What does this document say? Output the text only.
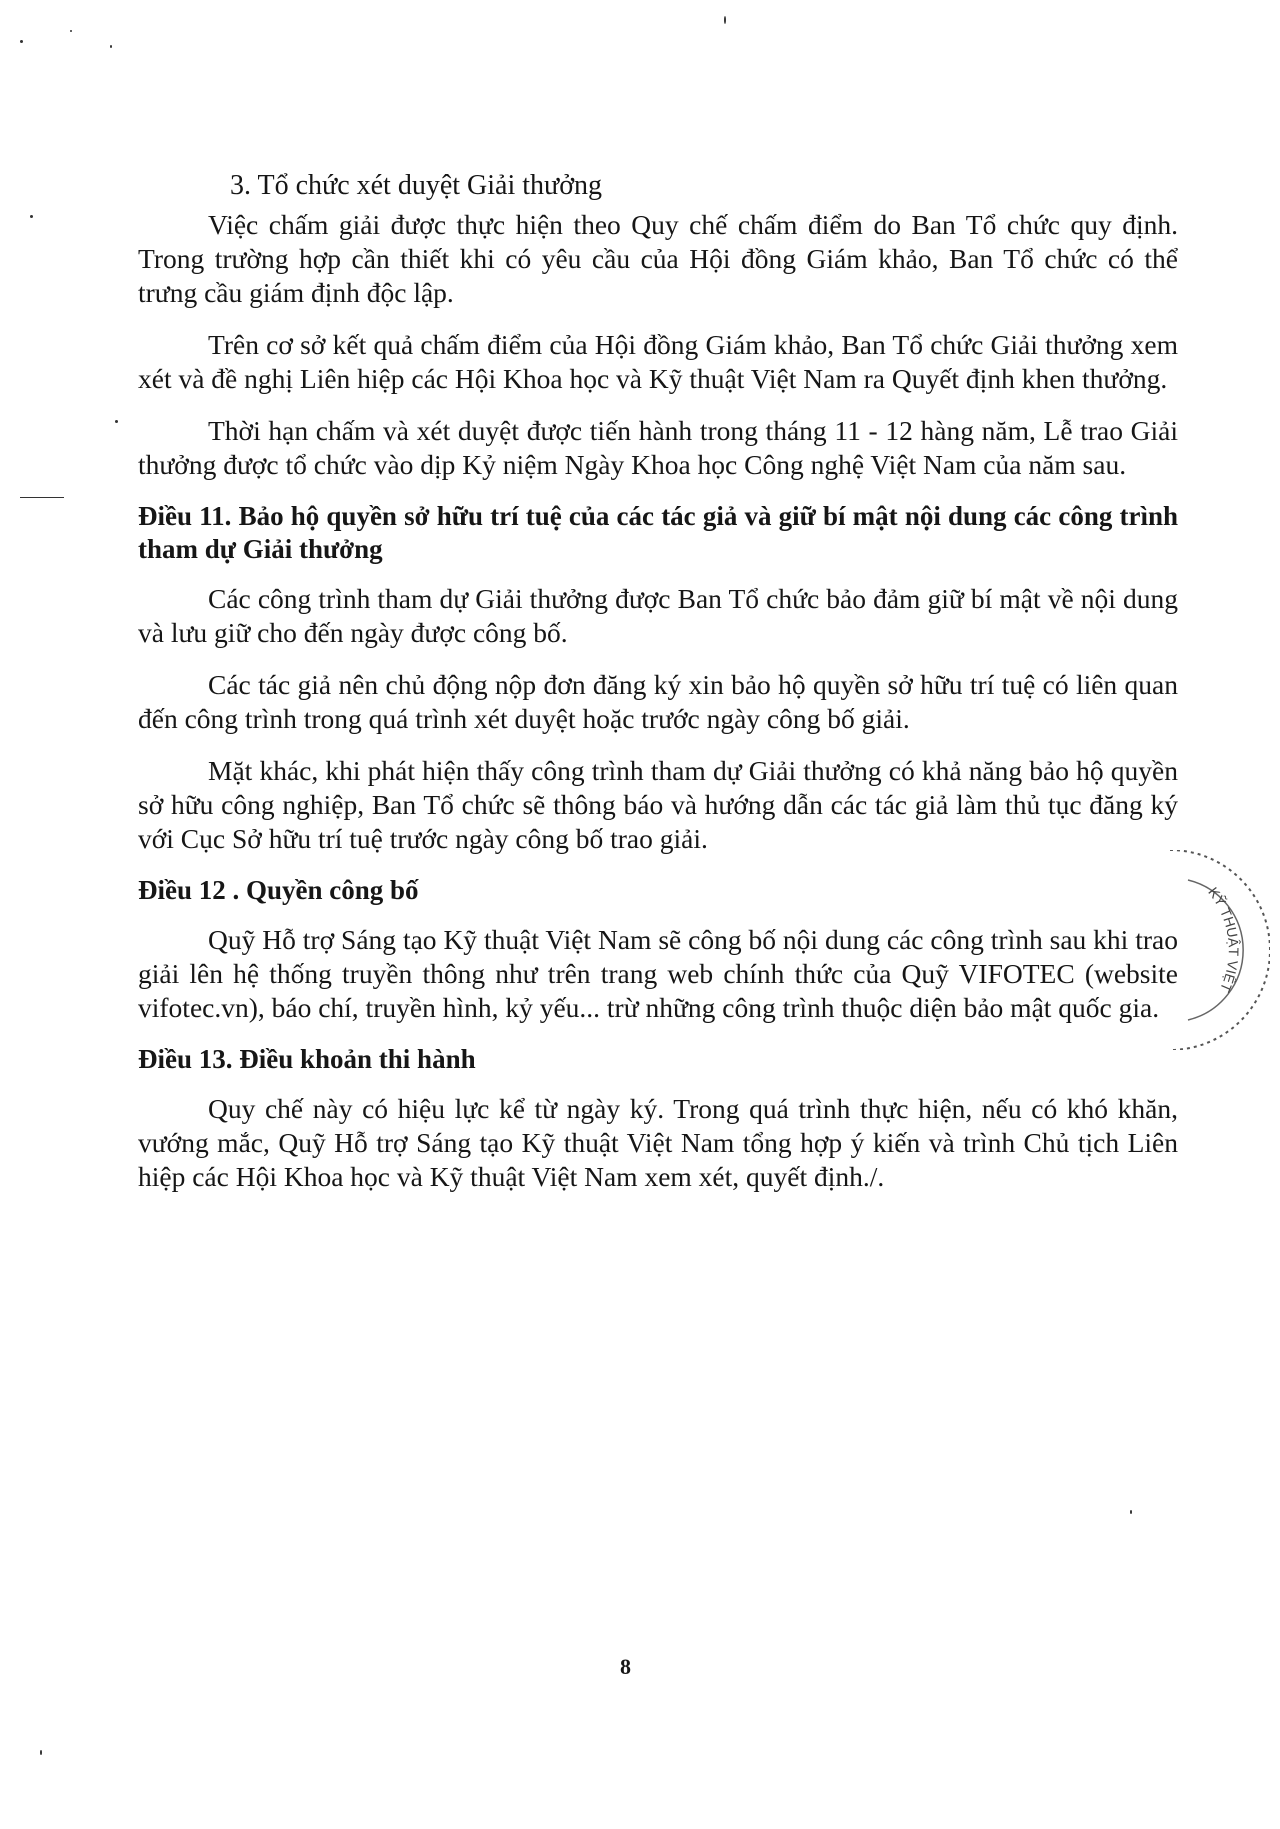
3. Tổ chức xét duyệt Giải thưởng

Việc chấm giải được thực hiện theo Quy chế chấm điểm do Ban Tổ chức quy định. Trong trường hợp cần thiết khi có yêu cầu của Hội đồng Giám khảo, Ban Tổ chức có thể trưng cầu giám định độc lập.

Trên cơ sở kết quả chấm điểm của Hội đồng Giám khảo, Ban Tổ chức Giải thưởng xem xét và đề nghị Liên hiệp các Hội Khoa học và Kỹ thuật Việt Nam ra Quyết định khen thưởng.

Thời hạn chấm và xét duyệt được tiến hành trong tháng 11 - 12 hàng năm, Lễ trao Giải thưởng được tổ chức vào dịp Kỷ niệm Ngày Khoa học Công nghệ Việt Nam của năm sau.

Điều 11. Bảo hộ quyền sở hữu trí tuệ của các tác giả và giữ bí mật nội dung các công trình tham dự Giải thưởng

Các công trình tham dự Giải thưởng được Ban Tổ chức bảo đảm giữ bí mật về nội dung và lưu giữ cho đến ngày được công bố.

Các tác giả nên chủ động nộp đơn đăng ký xin bảo hộ quyền sở hữu trí tuệ có liên quan đến công trình trong quá trình xét duyệt hoặc trước ngày công bố giải.

Mặt khác, khi phát hiện thấy công trình tham dự Giải thưởng có khả năng bảo hộ quyền sở hữu công nghiệp, Ban Tổ chức sẽ thông báo và hướng dẫn các tác giả làm thủ tục đăng ký với Cục Sở hữu trí tuệ trước ngày công bố trao giải.

Điều 12 . Quyền công bố

Quỹ Hỗ trợ Sáng tạo Kỹ thuật Việt Nam sẽ công bố nội dung các công trình sau khi trao giải lên hệ thống truyền thông như trên trang web chính thức của Quỹ VIFOTEC (website vifotec.vn), báo chí, truyền hình, kỷ yếu... trừ những công trình thuộc diện bảo mật quốc gia.

Điều 13. Điều khoản thi hành

Quy chế này có hiệu lực kể từ ngày ký. Trong quá trình thực hiện, nếu có khó khăn, vướng mắc, Quỹ Hỗ trợ Sáng tạo Kỹ thuật Việt Nam tổng hợp ý kiến và trình Chủ tịch Liên hiệp các Hội Khoa học và Kỹ thuật Việt Nam xem xét, quyết định./.

KỸ THUẬT VIỆT
8
